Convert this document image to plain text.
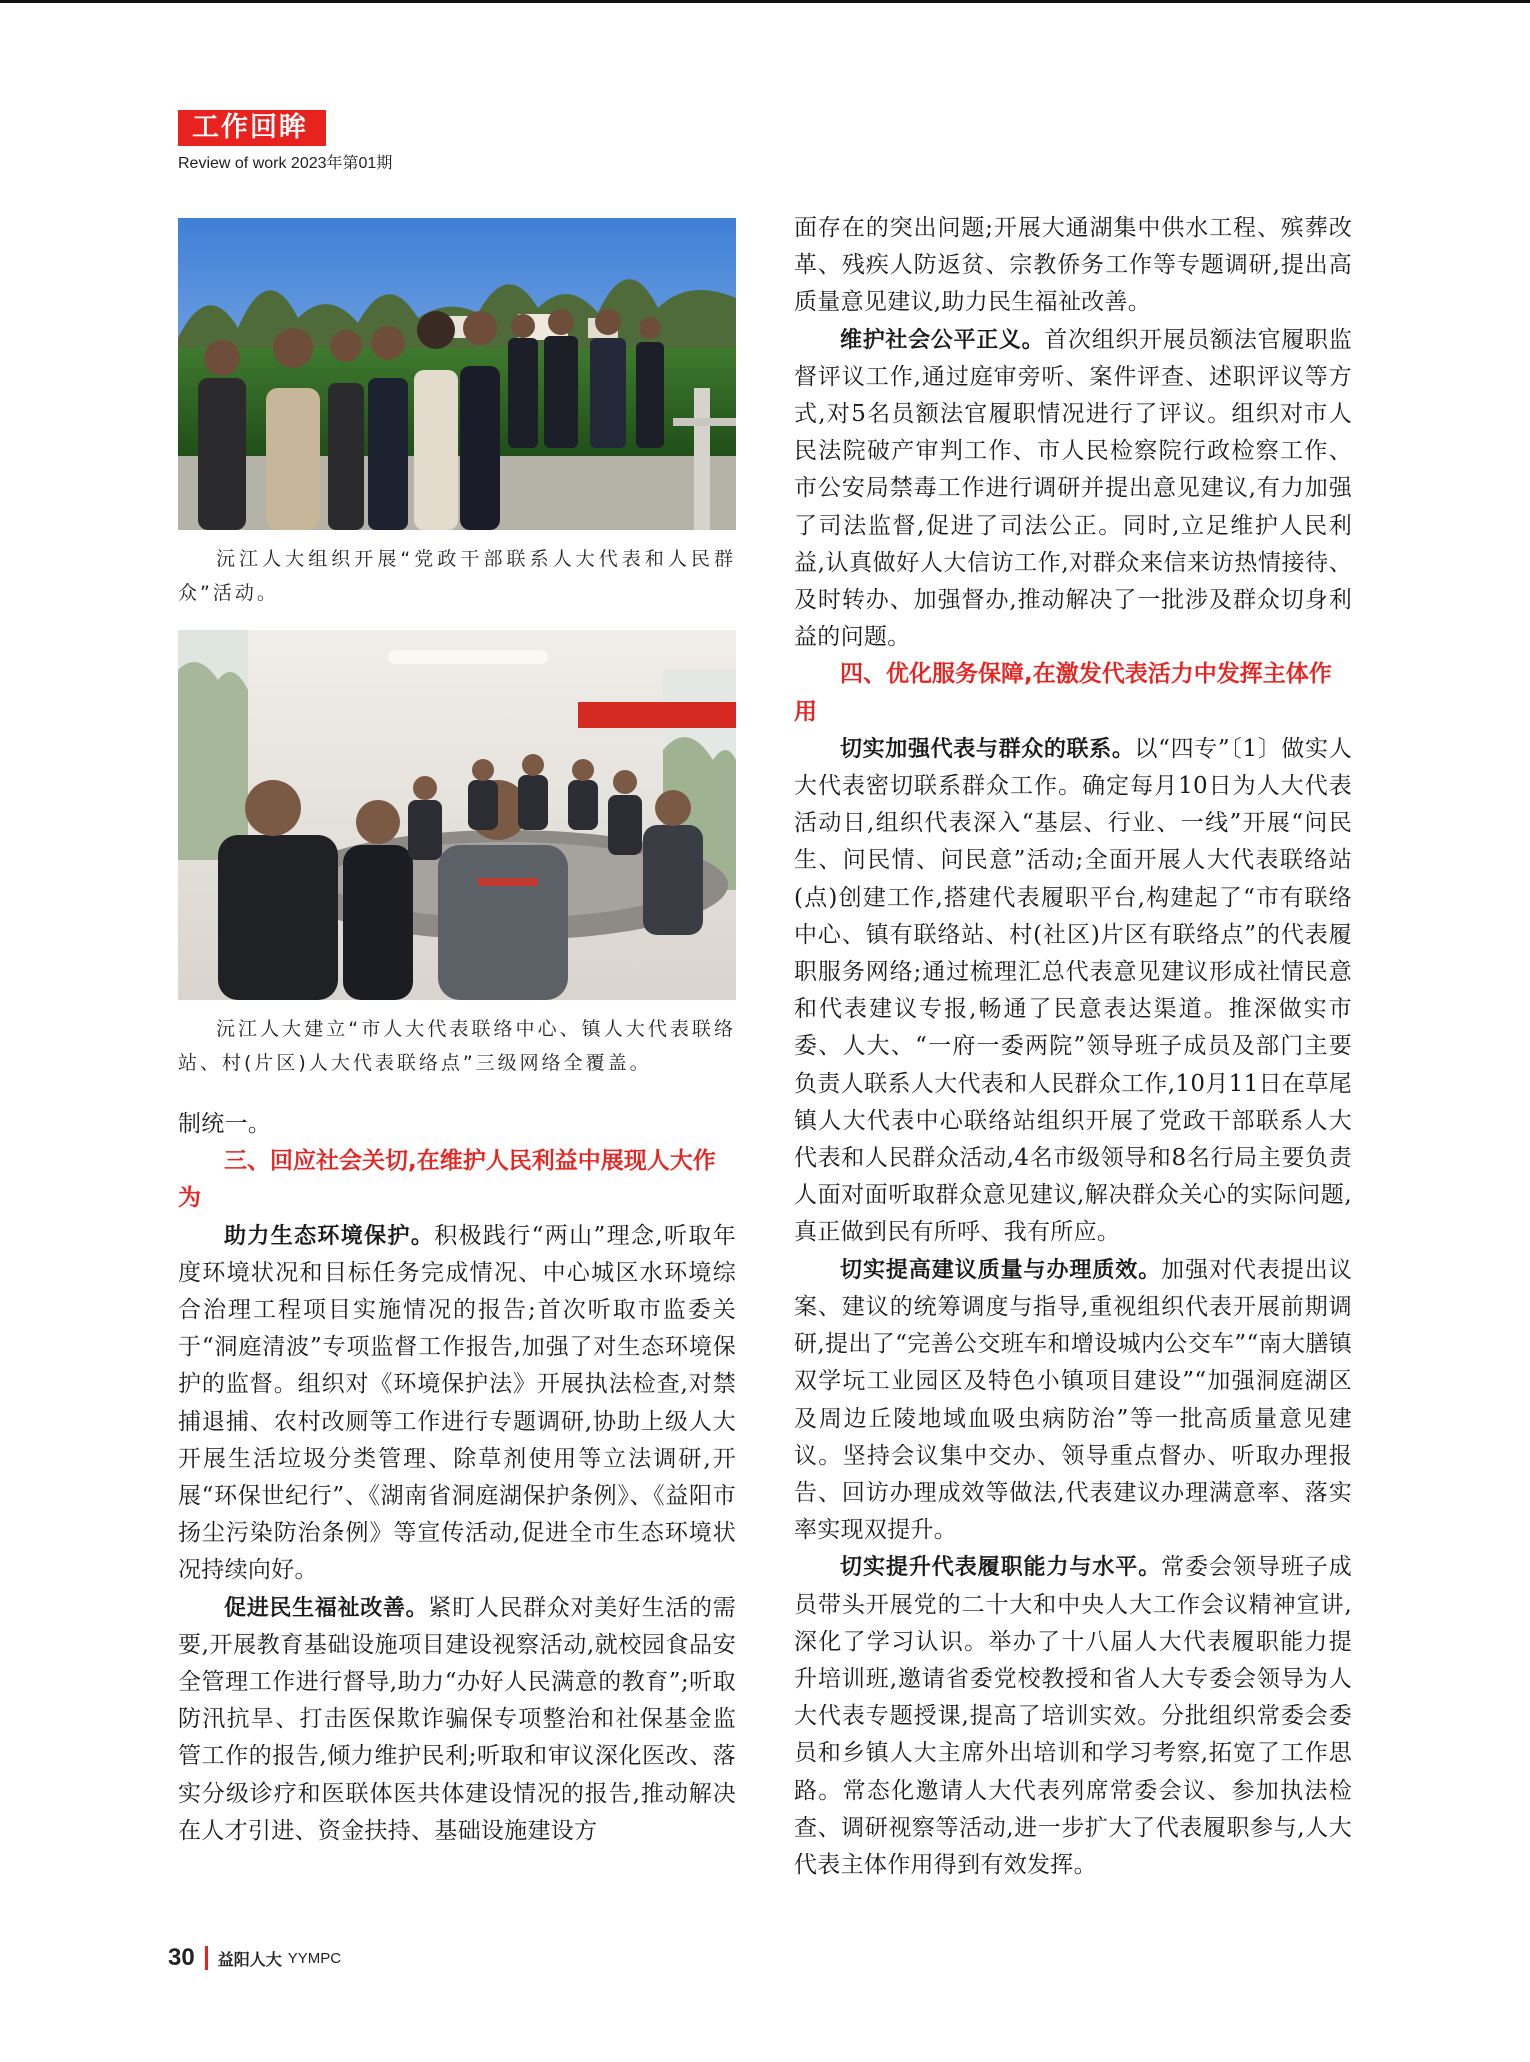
工作回眸
Review of work 2023年第01期

沅江人大组织开展“党政干部联系人大代表和人民群众”活动。

沅江人大建立“市人大代表联络中心、镇人大代表联络站、村(片区)人大代表联络点”三级网络全覆盖。

制统一。

三、回应社会关切,在维护人民利益中展现人大作为

助力生态环境保护。积极践行“两山”理念,听取年度环境状况和目标任务完成情况、中心城区水环境综合治理工程项目实施情况的报告;首次听取市监委关于“洞庭清波”专项监督工作报告,加强了对生态环境保护的监督。组织对《环境保护法》开展执法检查,对禁捕退捕、农村改厕等工作进行专题调研,协助上级人大开展生活垃圾分类管理、除草剂使用等立法调研,开展“环保世纪行”、《湖南省洞庭湖保护条例》、《益阳市扬尘污染防治条例》等宣传活动,促进全市生态环境状况持续向好。

促进民生福祉改善。紧盯人民群众对美好生活的需要,开展教育基础设施项目建设视察活动,就校园食品安全管理工作进行督导,助力“办好人民满意的教育”;听取防汛抗旱、打击医保欺诈骗保专项整治和社保基金监管工作的报告,倾力维护民利;听取和审议深化医改、落实分级诊疗和医联体医共体建设情况的报告,推动解决在人才引进、资金扶持、基础设施建设方

面存在的突出问题;开展大通湖集中供水工程、殡葬改革、残疾人防返贫、宗教侨务工作等专题调研,提出高质量意见建议,助力民生福祉改善。

维护社会公平正义。首次组织开展员额法官履职监督评议工作,通过庭审旁听、案件评查、述职评议等方式,对5名员额法官履职情况进行了评议。组织对市人民法院破产审判工作、市人民检察院行政检察工作、市公安局禁毒工作进行调研并提出意见建议,有力加强了司法监督,促进了司法公正。同时,立足维护人民利益,认真做好人大信访工作,对群众来信来访热情接待、及时转办、加强督办,推动解决了一批涉及群众切身利益的问题。

四、优化服务保障,在激发代表活力中发挥主体作用

切实加强代表与群众的联系。以“四专”〔1〕做实人大代表密切联系群众工作。确定每月10日为人大代表活动日,组织代表深入“基层、行业、一线”开展“问民生、问民情、问民意”活动;全面开展人大代表联络站(点)创建工作,搭建代表履职平台,构建起了“市有联络中心、镇有联络站、村(社区)片区有联络点”的代表履职服务网络;通过梳理汇总代表意见建议形成社情民意和代表建议专报,畅通了民意表达渠道。推深做实市委、人大、“一府一委两院”领导班子成员及部门主要负责人联系人大代表和人民群众工作,10月11日在草尾镇人大代表中心联络站组织开展了党政干部联系人大代表和人民群众活动,4名市级领导和8名行局主要负责人面对面听取群众意见建议,解决群众关心的实际问题,真正做到民有所呼、我有所应。

切实提高建议质量与办理质效。加强对代表提出议案、建议的统筹调度与指导,重视组织代表开展前期调研,提出了“完善公交班车和增设城内公交车”“南大膳镇双学坃工业园区及特色小镇项目建设”“加强洞庭湖区及周边丘陵地域血吸虫病防治”等一批高质量意见建议。坚持会议集中交办、领导重点督办、听取办理报告、回访办理成效等做法,代表建议办理满意率、落实率实现双提升。

切实提升代表履职能力与水平。常委会领导班子成员带头开展党的二十大和中央人大工作会议精神宣讲,深化了学习认识。举办了十八届人大代表履职能力提升培训班,邀请省委党校教授和省人大专委会领导为人大代表专题授课,提高了培训实效。分批组织常委会委员和乡镇人大主席外出培训和学习考察,拓宽了工作思路。常态化邀请人大代表列席常委会议、参加执法检查、调研视察等活动,进一步扩大了代表履职参与,人大代表主体作用得到有效发挥。

30 益阳人大 YYMPC
